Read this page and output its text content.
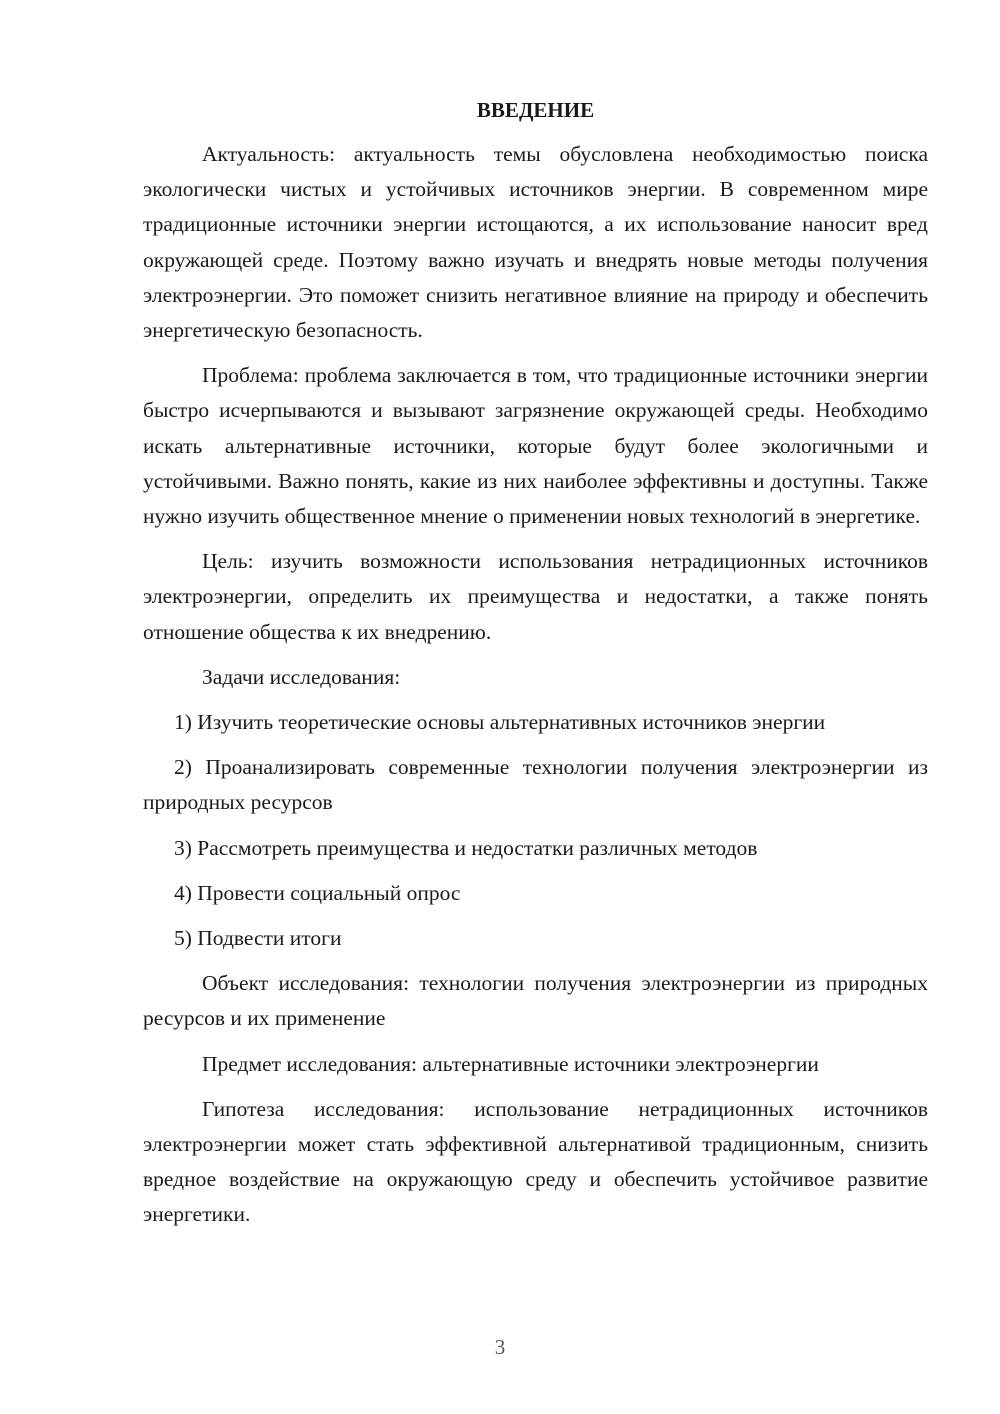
ВВЕДЕНИЕ

Актуальность: актуальность темы обусловлена необходимостью поиска экологически чистых и устойчивых источников энергии. В современном мире традиционные источники энергии истощаются, а их использование наносит вред окружающей среде. Поэтому важно изучать и внедрять новые методы получения электроэнергии. Это поможет снизить негативное влияние на природу и обеспечить энергетическую безопасность.

Проблема: проблема заключается в том, что традиционные источники энергии быстро исчерпываются и вызывают загрязнение окружающей среды. Необходимо искать альтернативные источники, которые будут более экологичными и устойчивыми. Важно понять, какие из них наиболее эффективны и доступны. Также нужно изучить общественное мнение о применении новых технологий в энергетике.

Цель: изучить возможности использования нетрадиционных источников электроэнергии, определить их преимущества и недостатки, а также понять отношение общества к их внедрению.

Задачи исследования:

1) Изучить теоретические основы альтернативных источников энергии

2) Проанализировать современные технологии получения электроэнергии из природных ресурсов

3) Рассмотреть преимущества и недостатки различных методов

4) Провести социальный опрос

5) Подвести итоги

Объект исследования: технологии получения электроэнергии из природных ресурсов и их применение

Предмет исследования: альтернативные источники электроэнергии

Гипотеза исследования: использование нетрадиционных источников электроэнергии может стать эффективной альтернативой традиционным, снизить вредное воздействие на окружающую среду и обеспечить устойчивое развитие энергетики.

3
